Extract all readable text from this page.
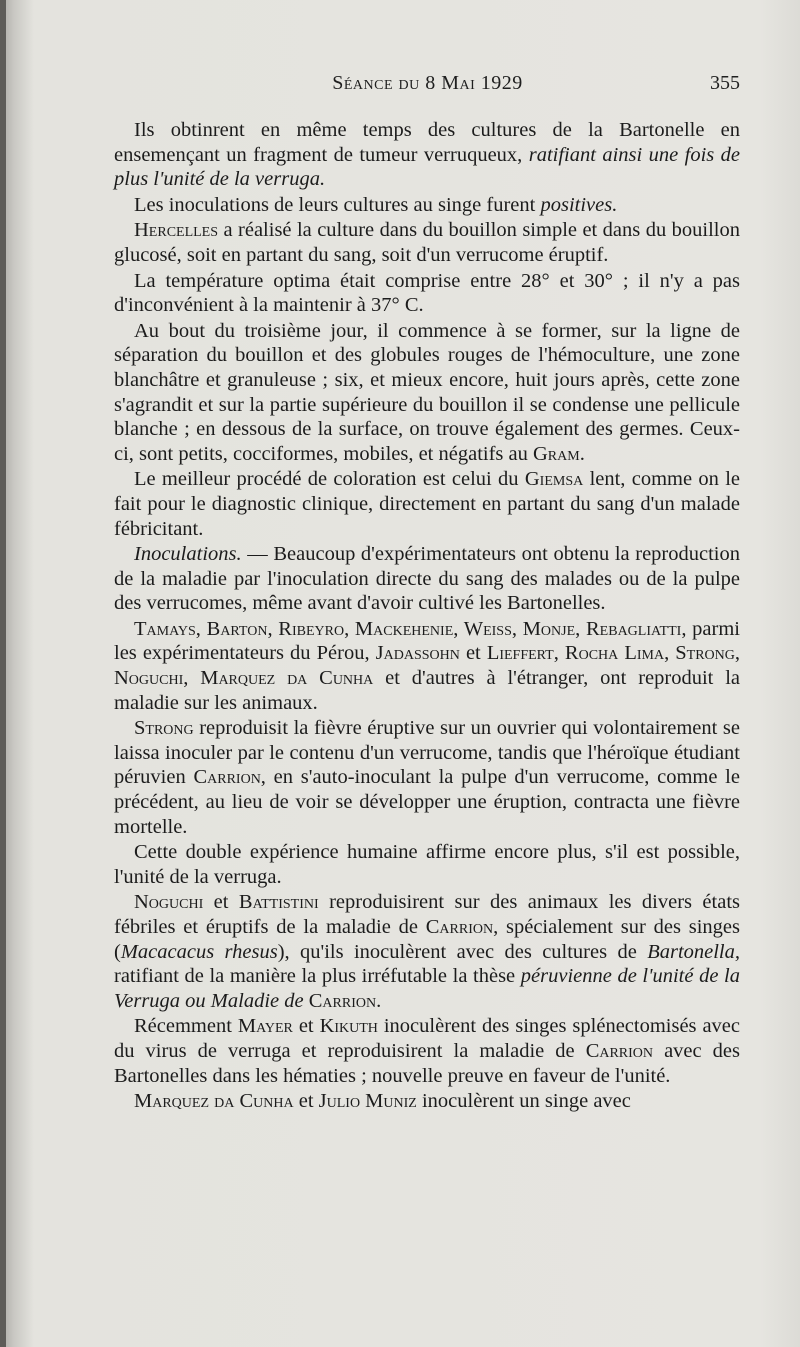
Séance du 8 Mai 1929	355

Ils obtinrent en même temps des cultures de la Bartonelle en ensemençant un fragment de tumeur verruqueux, ratifiant ainsi une fois de plus l'unité de la verruga.

Les inoculations de leurs cultures au singe furent positives.

Hercelles a réalisé la culture dans du bouillon simple et dans du bouillon glucosé, soit en partant du sang, soit d'un verrucome éruptif.

La température optima était comprise entre 28° et 30° ; il n'y a pas d'inconvénient à la maintenir à 37° C.

Au bout du troisième jour, il commence à se former, sur la ligne de séparation du bouillon et des globules rouges de l'hémoculture, une zone blanchâtre et granuleuse ; six, et mieux encore, huit jours après, cette zone s'agrandit et sur la partie supérieure du bouillon il se condense une pellicule blanche ; en dessous de la surface, on trouve également des germes. Ceux-ci, sont petits, cocciformes, mobiles, et négatifs au Gram.

Le meilleur procédé de coloration est celui du Giemsa lent, comme on le fait pour le diagnostic clinique, directement en partant du sang d'un malade fébricitant.

Inoculations. — Beaucoup d'expérimentateurs ont obtenu la reproduction de la maladie par l'inoculation directe du sang des malades ou de la pulpe des verrucomes, même avant d'avoir cultivé les Bartonelles.

Tamays, Barton, Ribeyro, Mackehenie, Weiss, Monje, Rebagliatti, parmi les expérimentateurs du Pérou, Jadassohn et Lieffert, Rocha Lima, Strong, Noguchi, Marquez da Cunha et d'autres à l'étranger, ont reproduit la maladie sur les animaux.

Strong reproduisit la fièvre éruptive sur un ouvrier qui volontairement se laissa inoculer par le contenu d'un verrucome, tandis que l'héroïque étudiant péruvien Carrion, en s'auto-inoculant la pulpe d'un verrucome, comme le précédent, au lieu de voir se développer une éruption, contracta une fièvre mortelle.

Cette double expérience humaine affirme encore plus, s'il est possible, l'unité de la verruga.

Noguchi et Battistini reproduisirent sur des animaux les divers états fébriles et éruptifs de la maladie de Carrion, spécialement sur des singes (Macacacus rhesus), qu'ils inoculèrent avec des cultures de Bartonella, ratifiant de la manière la plus irréfutable la thèse péruvienne de l'unité de la Verruga ou Maladie de Carrion.

Récemment Mayer et Kikuth inoculèrent des singes splénectomisés avec du virus de verruga et reproduisirent la maladie de Carrion avec des Bartonelles dans les hématies ; nouvelle preuve en faveur de l'unité.

Marquez da Cunha et Julio Muniz inoculèrent un singe avec
